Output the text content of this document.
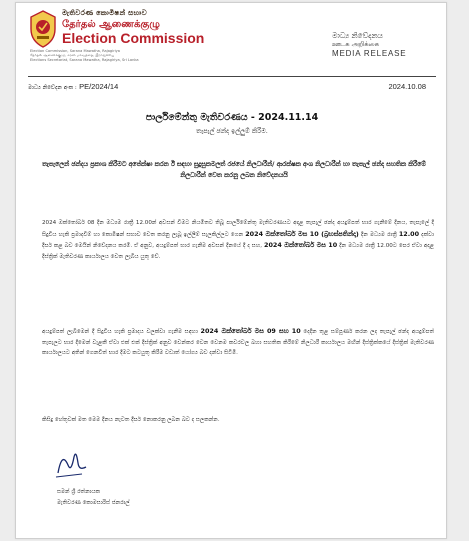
මැතිවරණ කොමිෂන් සභාව
தேர்தல் ஆணைக்குழு
Election Commission
Election Commission, Sarana Mawatha, Rajagiriya
தேர்தல் ஆணைக்குழு, சரண மாவத்தை, இராஜகிரிய
Elections Secretariat, Sarana Mawatha, Rajagiriya, Sri Lanka
මාධ්‍ය නිවේදනය
ஊடக அறிக்கை
MEDIA RELEASE
මාධ්‍ය නිවේදන අංක : PE/2024/14	2024.10.08
පාර්ලිමේන්තු මැතිවරණය - 2024.11.14
තැපැල් ඡන්ද ඉල්ලුම් කිරීම.
තැපැලෙන් ඡන්දය ප්‍රකාශ කිරීමට අපේක්ෂා කරන ඊ සඳහා සුදුසුකමලත් රජයේ නිලධාරීන්/ ආරක්ෂක අංශ නිලධාරීන් හා තැපැල් ඡන්ද සහතික කිරීමේ නිලධාරීන් වෙත කරනු ලබන නිවේදනයයි
2024 ඔක්තෝබර් 08 දින මධ්‍යම රාත්‍රී 12.00න් අවසන් වීමට නියමිතව තිබූ පාර්ලිමේන්තු මැතිවරණයට අදාළ තැපැල් ඡන්ද අයදුම්පත් භාර ගැනීමේ දිනය, තැපැලේ දී සිදුවිය හැකි ප්‍රමාදවීම් හා කොමිෂන් සභාව වෙත කරනු ලැබූ ඉල්ලීම් සැලකිල්ලට ගෙන 2024 ඔක්තෝබර් මස 10 (බ්‍රහස්පතින්දා) දින මධ්‍යම රාත්‍රී 12.00 දක්වා දීර්ඝ කළ බව මෙයින් නිවේදනය කරමි. ඒ අනුව, අයදුම්පත් භාර ගැනීම අවසන් දිනයේ දී ද සහ, 2024 ඔක්තෝබර් මස 10 දින මධ්‍යම රාත්‍රී 12.00ට පෙර ඒවා අදාළ දිස්ත්‍රික් මැතිවරණ කාර්යාලය වෙත ලැබිය යුතු වේ.
අයදුම්පත් ලැබීමෙන් දී සිදුවිය හැකි ප්‍රමාදය වලක්වා ගැනීම සඳහා 2024 ඔක්තෝබර් මස 09 සහ 10 දෙදින තුළ සම්පූර්ණ කරන ලද තැපැල් ඡන්ද අයදුම්පත් තැපැලට භාර දීමෙන් වැළකී ඒවා එක් එක් දිස්ත්‍රික් අනුව වෙන්කර වෙන වෙනම කවරවල බහා සහතික කිරීමේ නිලධාරී කාර්යාලය මඟින් දිස්ත්‍රික්කයේ දිස්ත්‍රික් මැතිවරණ කාර්යාලයට අතින් ගෙනවිත් භාර දීමට කටයුතු කිරීම වඩාත් යෝග්‍ය බව දන්වා සිටිමි.
කිසිදු හේතුවක් මත මෙම දිනය නැවත දීර්ඝ නොකරනු ලබන බව ද සලකන්න.
සමන් ශ්‍රී රත්නායක
මැතිවරණ කොමසාරිස් ජනරාල්
